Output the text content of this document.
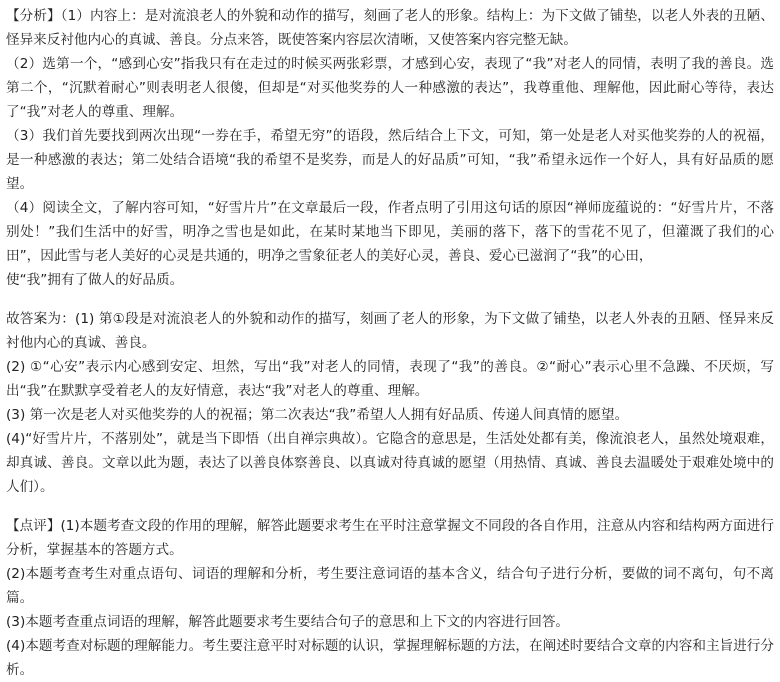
【分析】（1）内容上：是对流浪老人的外貌和动作的描写，刻画了老人的形象。结构上：为下文做了铺垫，以老人外表的丑陋、怪异来反衬他内心的真诚、善良。分点来答，既使答案内容层次清晰，又使答案内容完整无缺。

（2）选第一个，“感到心安”指我只有在走过的时候买两张彩票，才感到心安，表现了“我”对老人的同情，表明了我的善良。选第二个，“沉默着耐心”则表明老人很傻，但却是“对买他奖券的人一种感激的表达”，我尊重他、理解他，因此耐心等待，表达了“我”对老人的尊重、理解。

（3）我们首先要找到两次出现“一券在手，希望无穷”的语段，然后结合上下文，可知，第一处是老人对买他奖券的人的祝福，是一种感激的表达；第二处结合语境“我的希望不是奖券，而是人的好品质”可知，“我”希望永远作一个好人，具有好品质的愿望。

（4）阅读全文，了解内容可知，“好雪片片”在文章最后一段，作者点明了引用这句话的原因“禅师庞蕴说的：“好雪片片，不落别处！”我们生活中的好雪，明净之雪也是如此，在某时某地当下即见，美丽的落下，落下的雪花不见了，但灌溉了我们的心田”，因此雪与老人美好的心灵是共通的，明净之雪象征老人的美好心灵，善良、爱心已滋润了“我”的心田，

使“我”拥有了做人的好品质。

故答案为：(1) 第①段是对流浪老人的外貌和动作的描写，刻画了老人的形象，为下文做了铺垫，以老人外表的丑陋、怪异来反衬他内心的真诚、善良。

(2) ①“心安”表示内心感到安定、坦然，写出“我”对老人的同情，表现了“我”的善良。②“耐心”表示心里不急躁、不厌烦，写出“我”在默默享受着老人的友好情意，表达“我”对老人的尊重、理解。

(3) 第一次是老人对买他奖券的人的祝福；第二次表达“我”希望人人拥有好品质、传递人间真情的愿望。

(4)“好雪片片，不落别处”，就是当下即悟（出自禅宗典故）。它隐含的意思是，生活处处都有美，像流浪老人，虽然处境艰难，却真诚、善良。文章以此为题，表达了以善良体察善良、以真诚对待真诚的愿望（用热情、真诚、善良去温暖处于艰难处境中的人们）。

【点评】(1)本题考查文段的作用的理解，解答此题要求考生在平时注意掌握文不同段的各自作用，注意从内容和结构两方面进行分析，掌握基本的答题方式。

(2)本题考查考生对重点语句、词语的理解和分析，考生要注意词语的基本含义，结合句子进行分析，要做的词不离句，句不离篇。

(3)本题考查重点词语的理解，解答此题要求考生要结合句子的意思和上下文的内容进行回答。

(4)本题考查对标题的理解能力。考生要注意平时对标题的认识，掌握理解标题的方法，在阐述时要结合文章的内容和主旨进行分析。
